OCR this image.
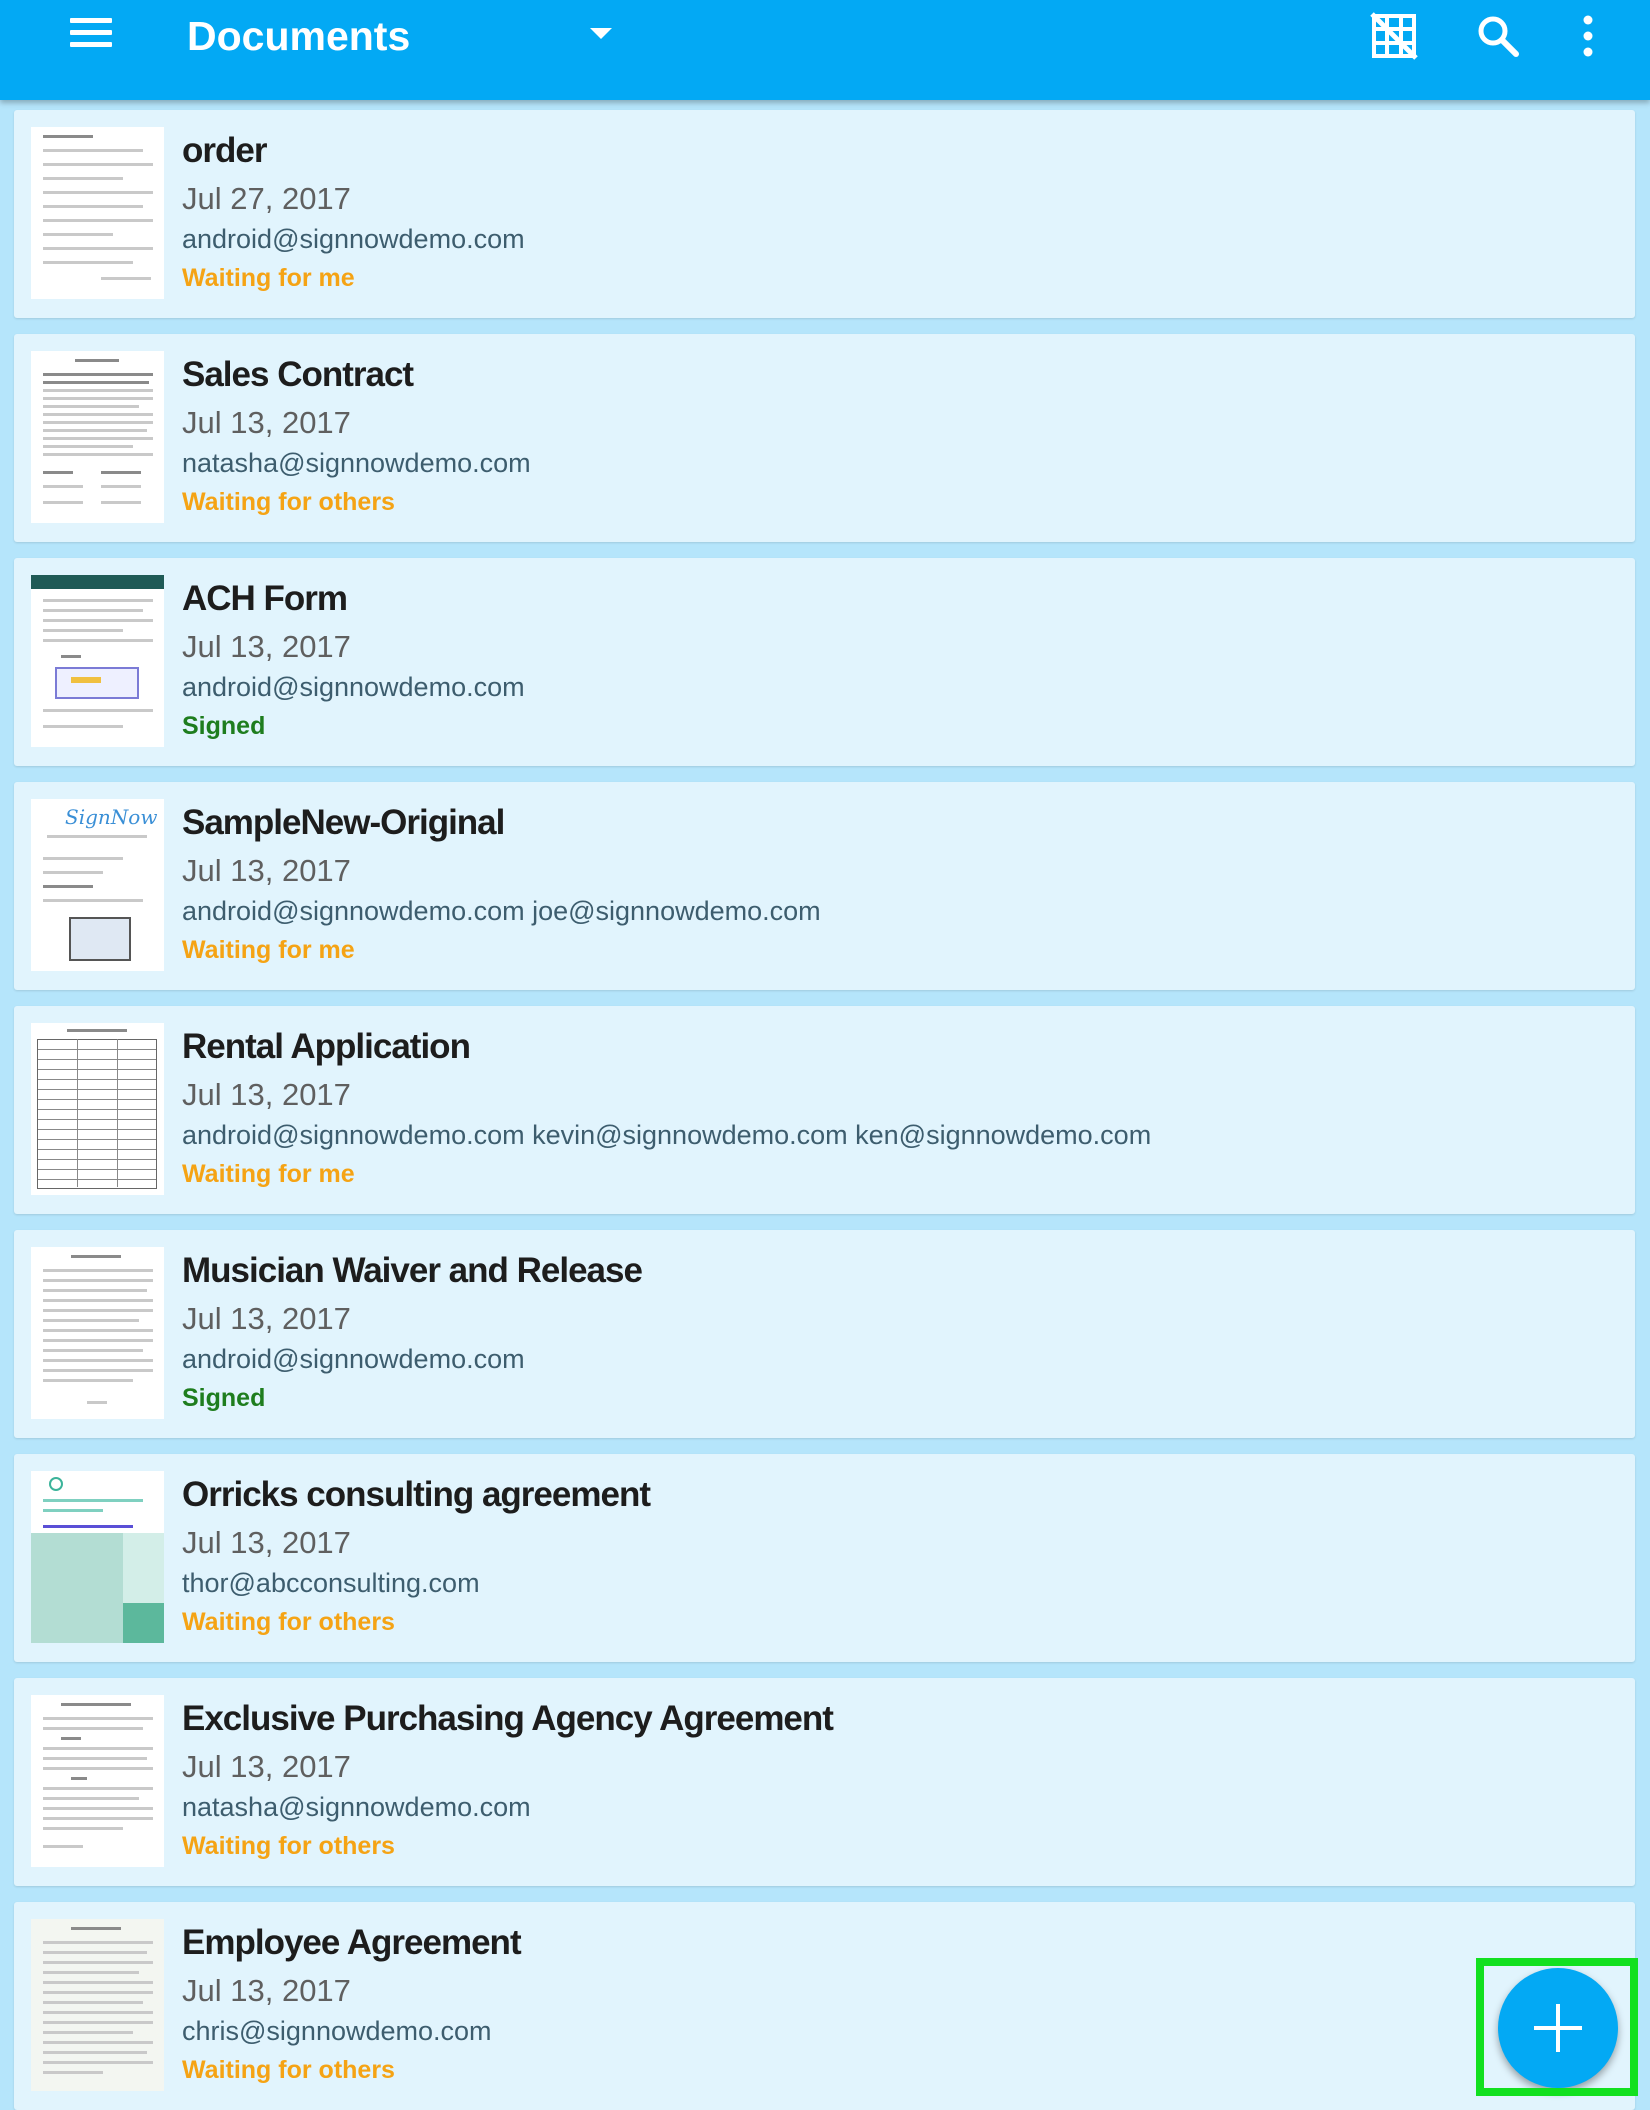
Documents
order
Jul 27, 2017
android@signnowdemo.com
Waiting for me
Sales Contract
Jul 13, 2017
natasha@signnowdemo.com
Waiting for others
ACH Form
Jul 13, 2017
android@signnowdemo.com
Signed
SignNow SampleNew-Original
Jul 13, 2017
android@signnowdemo.com joe@signnowdemo.com
Waiting for me
Rental Application
Jul 13, 2017
android@signnowdemo.com kevin@signnowdemo.com ken@signnowdemo.com
Waiting for me
Musician Waiver and Release
Jul 13, 2017
android@signnowdemo.com
Signed
Orricks consulting agreement
Jul 13, 2017
thor@abcconsulting.com
Waiting for others
Exclusive Purchasing Agency Agreement
Jul 13, 2017
natasha@signnowdemo.com
Waiting for others
Employee Agreement
Jul 13, 2017
chris@signnowdemo.com
Waiting for others
